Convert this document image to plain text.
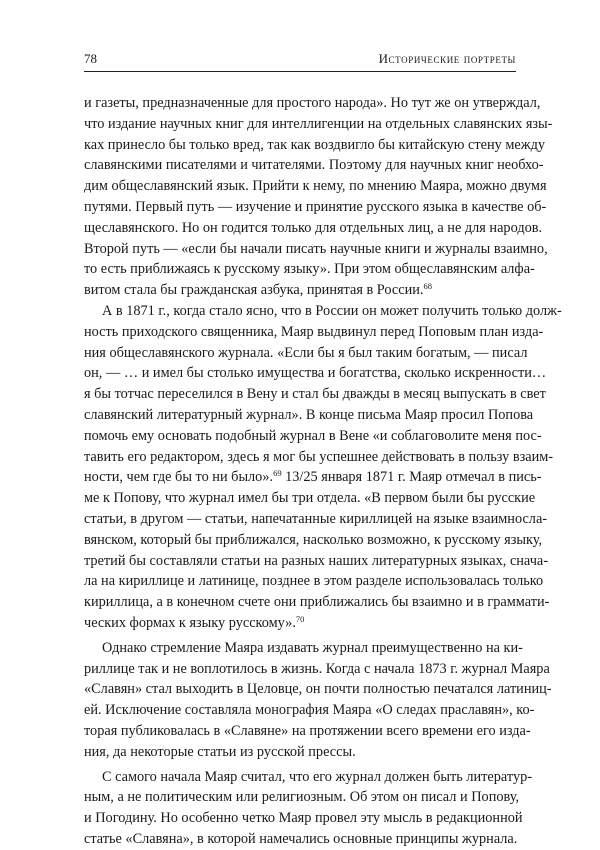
78	Исторические портреты
и газеты, предназначенные для простого народа». Но тут же он утверждал,
что издание научных книг для интеллигенции на отдельных славянских язы-
ках принесло бы только вред, так как воздвигло бы китайскую стену между
славянскими писателями и читателями. Поэтому для научных книг необхо-
дим общеславянский язык. Прийти к нему, по мнению Маяра, можно двумя
путями. Первый путь — изучение и принятие русского языка в качестве об-
щеславянского. Но он годится только для отдельных лиц, а не для народов.
Второй путь — «если бы начали писать научные книги и журналы взаимно,
то есть приближаясь к русскому языку». При этом общеславянским алфа-
витом стала бы гражданская азбука, принятая в России.$^{68}$
А в 1871 г., когда стало ясно, что в России он может получить только долж-
ность приходского священника, Маяр выдвинул перед Поповым план изда-
ния общеславянского журнала. «Если бы я был таким богатым, — писал
он, — … и имел бы столько имущества и богатства, сколько искренности…
я бы тотчас переселился в Вену и стал бы дважды в месяц выпускать в свет
славянский литературный журнал». В конце письма Маяр просил Попова
помочь ему основать подобный журнал в Вене «и соблаговолите меня пос-
тавить его редактором, здесь я мог бы успешнее действовать в пользу взаим-
ности, чем где бы то ни было».$^{69}$ 13/25 января 1871 г. Маяр отмечал в пись-
ме к Попову, что журнал имел бы три отдела. «В первом были бы русские
статьи, в другом — статьи, напечатанные кириллицей на языке взаимносла-
вянском, который бы приближался, насколько возможно, к русскому языку,
третий бы составляли статьи на разных наших литературных языках, снача-
ла на кириллице и латинице, позднее в этом разделе использовалась только
кириллица, а в конечном счете они приближались бы взаимно и в граммати-
ческих формах к языку русскому».$^{70}$
Однако стремление Маяра издавать журнал преимущественно на ки-
риллице так и не воплотилось в жизнь. Когда с начала 1873 г. журнал Маяра
«Славян» стал выходить в Целовце, он почти полностью печатался латиниц-
ей. Исключение составляла монография Маяра «О следах праславян», ко-
торая публиковалась в «Славяне» на протяжении всего времени его изда-
ния, да некоторые статьи из русской прессы.
С самого начала Маяр считал, что его журнал должен быть литератур-
ным, а не политическим или религиозным. Об этом он писал и Попову,
и Погодину. Но особенно четко Маяр провел эту мысль в редакционной
статье «Славяна», в которой намечались основные принципы журнала.
